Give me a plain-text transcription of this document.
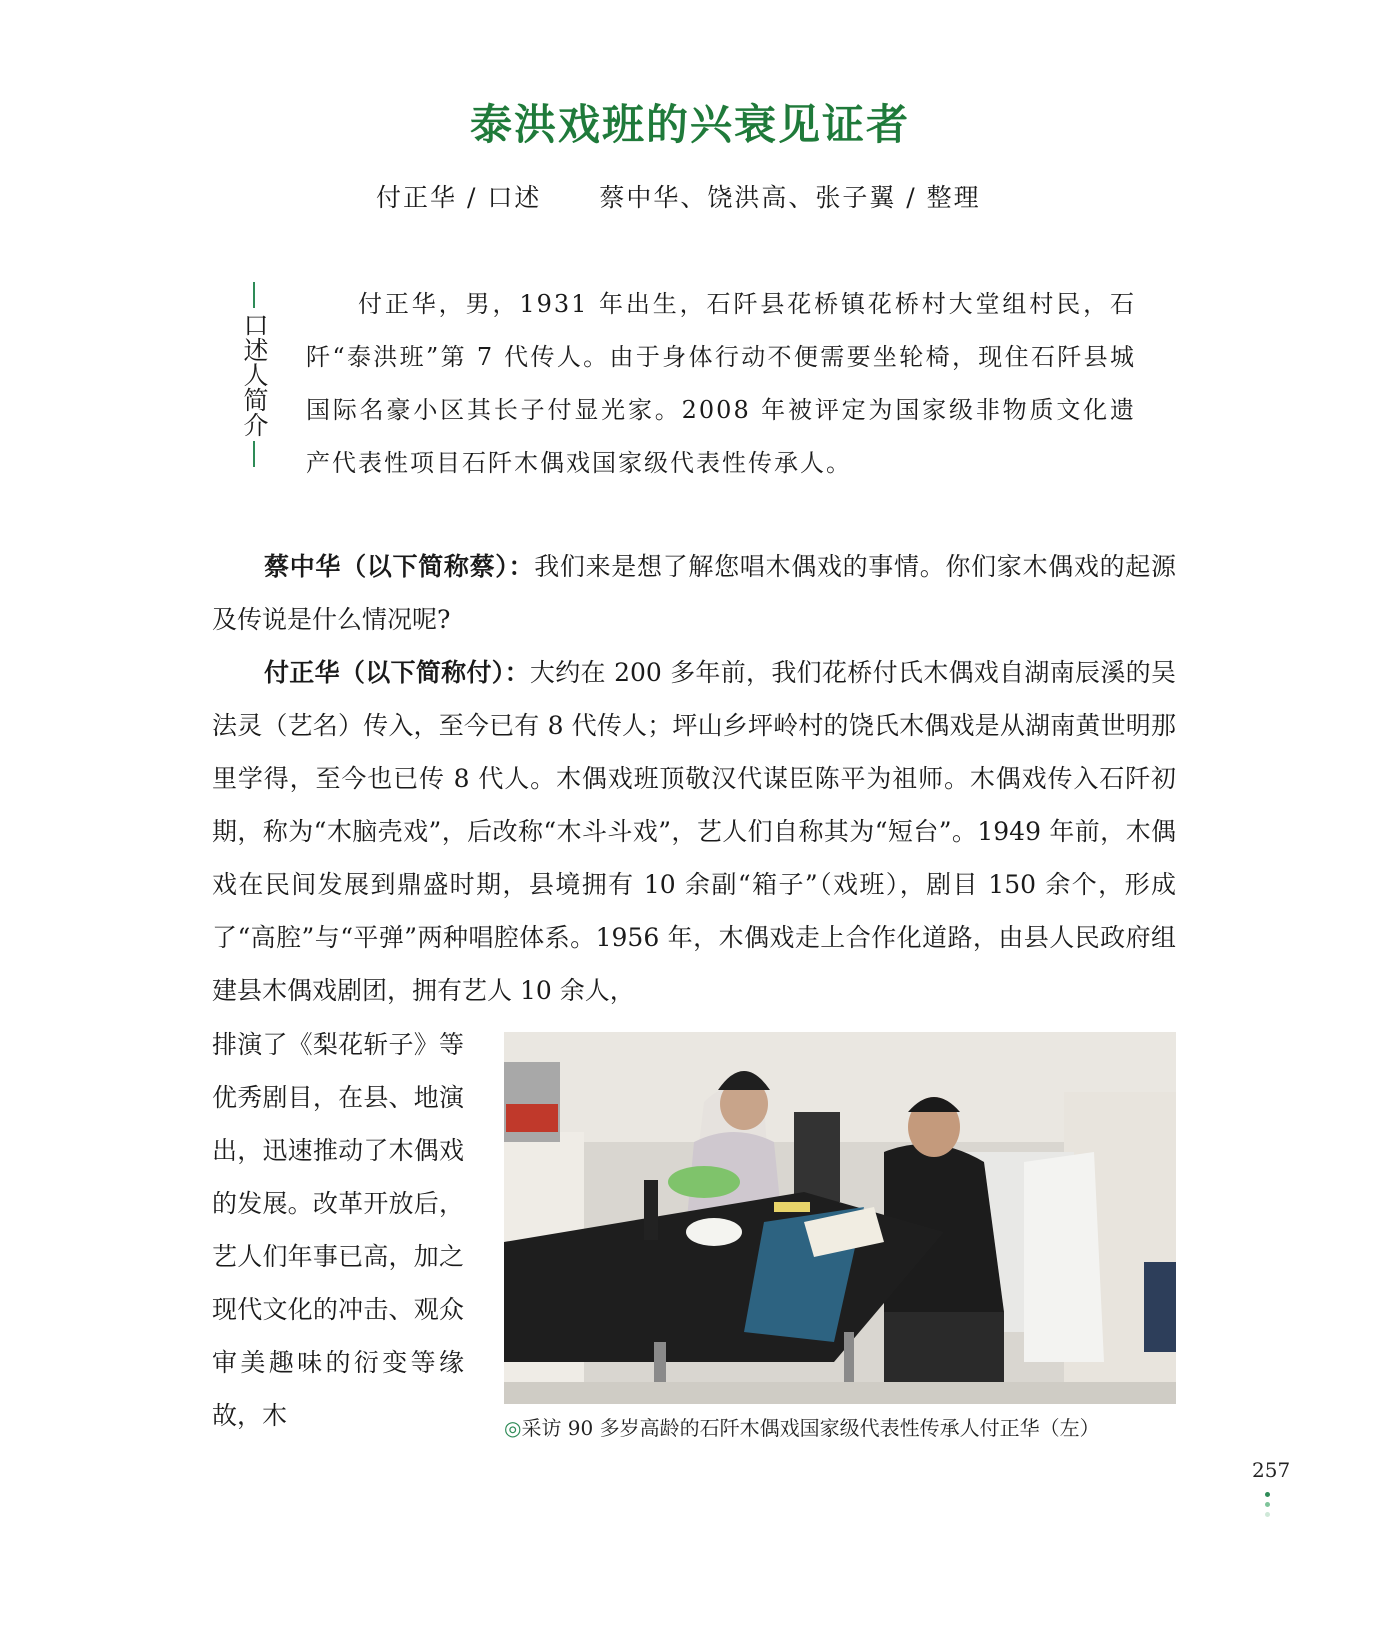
泰洪戏班的兴衰见证者
付正华 / 口述 蔡中华、饶洪高、张子翼 / 整理
口述人简介
付正华，男，1931 年出生，石阡县花桥镇花桥村大堂组村民，石阡“泰洪班”第 7 代传人。由于身体行动不便需要坐轮椅，现住石阡县城国际名豪小区其长子付显光家。2008 年被评定为国家级非物质文化遗产代表性项目石阡木偶戏国家级代表性传承人。
蔡中华（以下简称蔡）：我们来是想了解您唱木偶戏的事情。你们家木偶戏的起源及传说是什么情况呢?
付正华（以下简称付）：大约在 200 多年前，我们花桥付氏木偶戏自湖南辰溪的吴法灵（艺名）传入，至今已有 8 代传人；坪山乡坪岭村的饶氏木偶戏是从湖南黄世明那里学得，至今也已传 8 代人。木偶戏班顶敬汉代谋臣陈平为祖师。木偶戏传入石阡初期，称为“木脑壳戏”，后改称“木斗斗戏”，艺人们自称其为“短台”。1949 年前，木偶戏在民间发展到鼎盛时期，县境拥有 10 余副“箱子”（戏班），剧目 150 余个，形成了“高腔”与“平弹”两种唱腔体系。1956 年，木偶戏走上合作化道路，由县人民政府组建县木偶戏剧团，拥有艺人 10 余人，
排演了《梨花斩子》等优秀剧目，在县、地演出，迅速推动了木偶戏的发展。改革开放后，艺人们年事已高，加之现代文化的冲击、观众审美趣味的衍变等缘故，木	◎采访 90 多岁高龄的石阡木偶戏国家级代表性传承人付正华（左）
257
